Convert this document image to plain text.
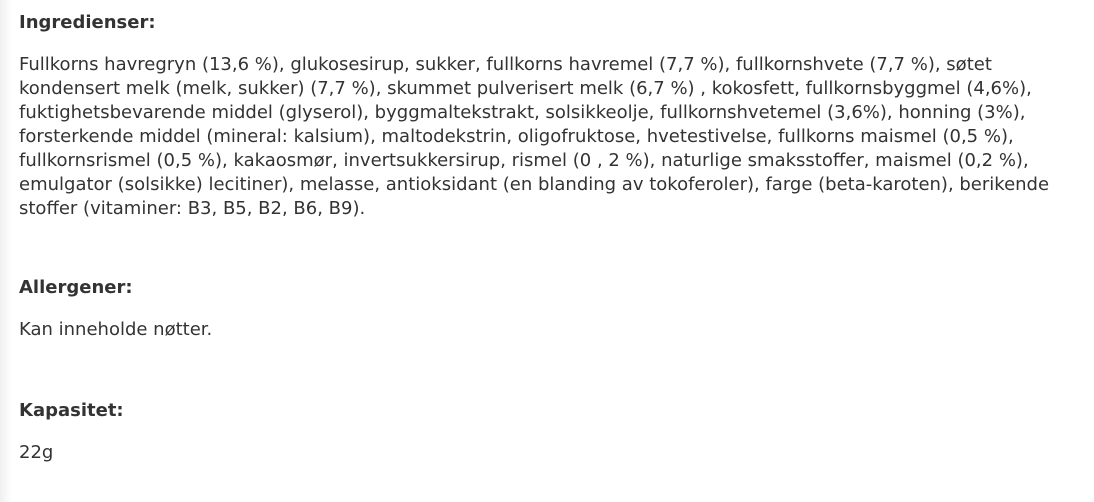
Ingredienser:

Fullkorns havregryn (13,6 %), glukosesirup, sukker, fullkorns havremel (7,7 %), fullkornshvete (7,7 %), søtet kondensert melk (melk, sukker) (7,7 %), skummet pulverisert melk (6,7 %) , kokosfett, fullkornsbyggmel (4,6%), fuktighetsbevarende middel (glyserol), byggmaltekstrakt, solsikkeolje, fullkornshvetemel (3,6%), honning (3%), forsterkende middel (mineral: kalsium), maltodekstrin, oligofruktose, hvetestivelse, fullkorns maismel (0,5 %), fullkornsrismel (0,5 %), kakaosmør, invertsukkersirup, rismel (0 , 2 %), naturlige smaksstoffer, maismel (0,2 %), emulgator (solsikke) lecitiner), melasse, antioksidant (en blanding av tokoferoler), farge (beta-karoten), berikende stoffer (vitaminer: B3, B5, B2, B6, B9).

Allergener:

Kan inneholde nøtter.

Kapasitet:

22g
